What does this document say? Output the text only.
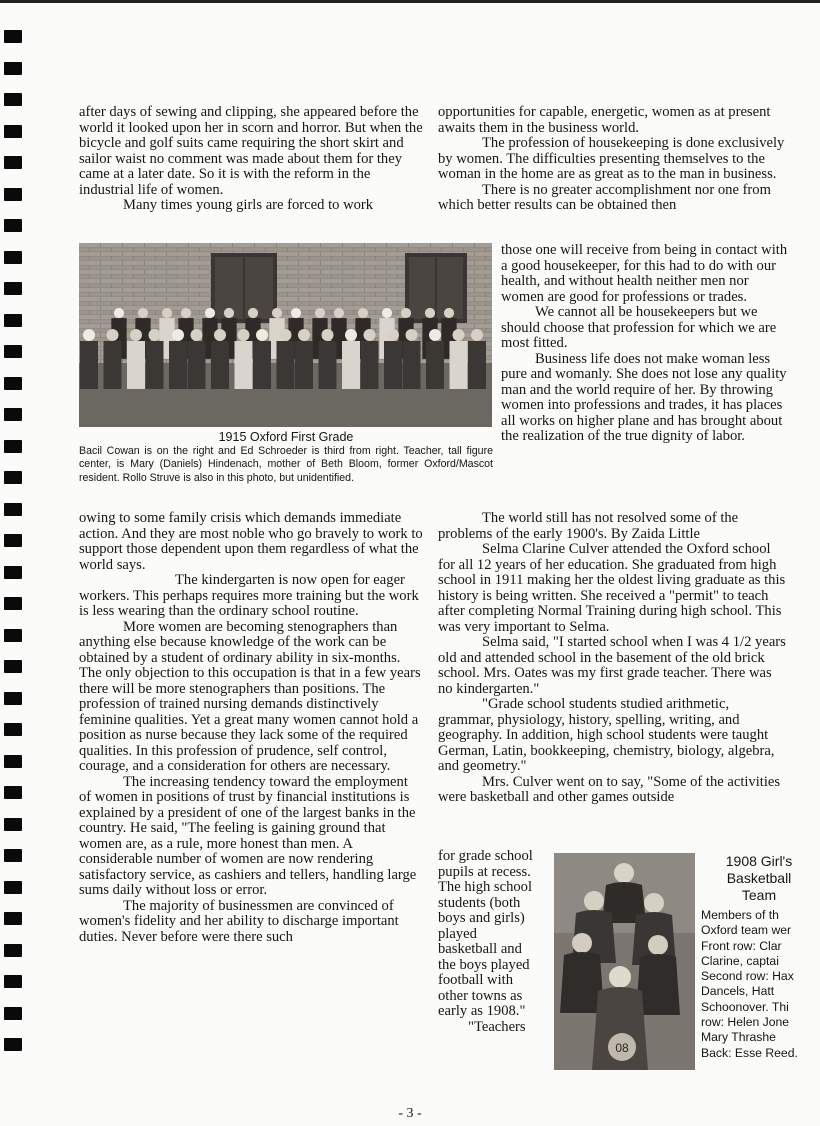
after days of sewing and clipping, she appeared before the world it looked upon her in scorn and horror. But when the bicycle and golf suits came requiring the short skirt and sailor waist no comment was made about them for they came at a later date. So it is with the reform in the industrial life of women.

Many times young girls are forced to work

1915 Oxford First Grade

Bacil Cowan is on the right and Ed Schroeder is third from right. Teacher, tall figure center, is Mary (Daniels) Hindenach, mother of Beth Bloom, former Oxford/Mascot resident. Rollo Struve is also in this photo, but unidentified.

owing to some family crisis which demands immediate action. And they are most noble who go bravely to work to support those dependent upon them regardless of what the world says.

The kindergarten is now open for eager workers. This perhaps requires more training but the work is less wearing than the ordinary school routine.

More women are becoming stenographers than anything else because knowledge of the work can be obtained by a student of ordinary ability in six-months. The only objection to this occupation is that in a few years there will be more stenographers than positions. The profession of trained nursing demands distinctively feminine qualities. Yet a great many women cannot hold a position as nurse because they lack some of the required qualities. In this profession of prudence, self control, courage, and a consideration for others are necessary.

The increasing tendency toward the employment of women in positions of trust by financial institutions is explained by a president of one of the largest banks in the country. He said, "The feeling is gaining ground that women are, as a rule, more honest than men. A considerable number of women are now rendering satisfactory service, as cashiers and tellers, handling large sums daily without loss or error.

The majority of businessmen are convinced of women's fidelity and her ability to discharge important duties. Never before were there such

opportunities for capable, energetic, women as at present awaits them in the business world.

The profession of housekeeping is done exclusively by women. The difficulties presenting themselves to the woman in the home are as great as to the man in business.

There is no greater accomplishment nor one from which better results can be obtained then

those one will receive from being in contact with a good housekeeper, for this had to do with our health, and without health neither men nor women are good for professions or trades.

We cannot all be housekeepers but we should choose that profession for which we are most fitted.

Business life does not make woman less pure and womanly. She does not lose any quality man and the world require of her. By throwing women into professions and trades, it has places all works on higher plane and has brought about the realization of the true dignity of labor.

The world still has not resolved some of the problems of the early 1900's. By Zaida Little

Selma Clarine Culver attended the Oxford school for all 12 years of her education. She graduated from high school in 1911 making her the oldest living graduate as this history is being written. She received a "permit" to teach after completing Normal Training during high school. This was very important to Selma.

Selma said, "I started school when I was 4 1/2 years old and attended school in the basement of the old brick school. Mrs. Oates was my first grade teacher. There was no kindergarten."

"Grade school students studied arithmetic, grammar, physiology, history, spelling, writing, and geography. In addition, high school students were taught German, Latin, bookkeeping, chemistry, biology, algebra, and geometry."

Mrs. Culver went on to say, "Some of the activities were basketball and other games outside

for grade school
pupils at recess.
The high school
students (both
boys and girls)
played
basketball and
the boys played
football with
other towns as
early as 1908."
"Teachers
08
1908 Girl's
Basketball
Team
Members of th
Oxford team wer
Front row: Clar
Clarine, captai
Second row: Hax
Dancels, Hatt
Schoonover. Thi
row: Helen Jone
Mary Thrashe
Back: Esse Reed.
- 3 -
